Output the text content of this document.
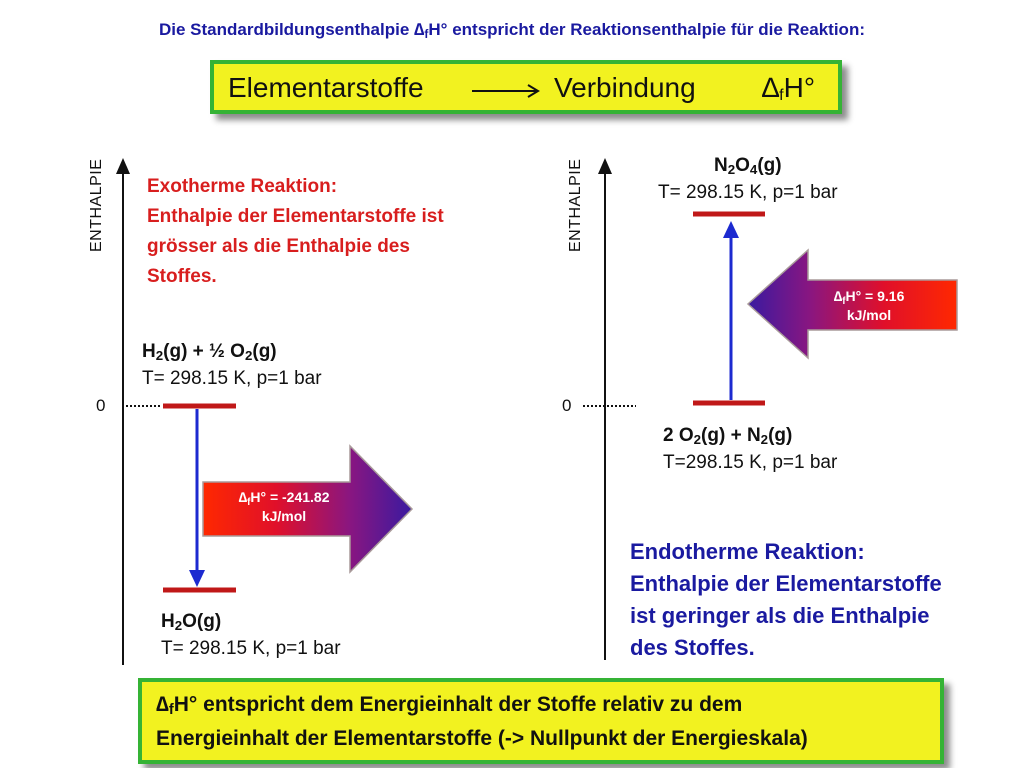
Die Standardbildungsenthalpie $\Delta_fH^\circ$ entspricht der Reaktionsenthalpie für die Reaktion:
Elementarstoffe	Verbindung $\Delta_fH^\circ$
ENTHALPIE
0
Exotherme Reaktion:
Enthalpie der Elementarstoffe ist
grösser als die Enthalpie des
Stoffes.
$H_2(g)$ + ½ $O_2(g)$
T= 298.15 K, p=1 bar
$\Delta_fH^\circ = -241.82$
kJ/mol
$H_2O(g)$
T= 298.15 K, p=1 bar
ENTHALPIE
0
$N_2O_4(g)$
T= 298.15 K, p=1 bar
$\Delta_fH^\circ = 9.16$
kJ/mol
2 $O_2(g) + N_2(g)$
T=298.15 K, p=1 bar
Endotherme Reaktion:
Enthalpie der Elementarstoffe
ist geringer als die Enthalpie
des Stoffes.
$\Delta_fH^\circ$ entspricht dem Energieinhalt der Stoffe relativ zu dem
Energieinhalt der Elementarstoffe (-> Nullpunkt der Energieskala)
